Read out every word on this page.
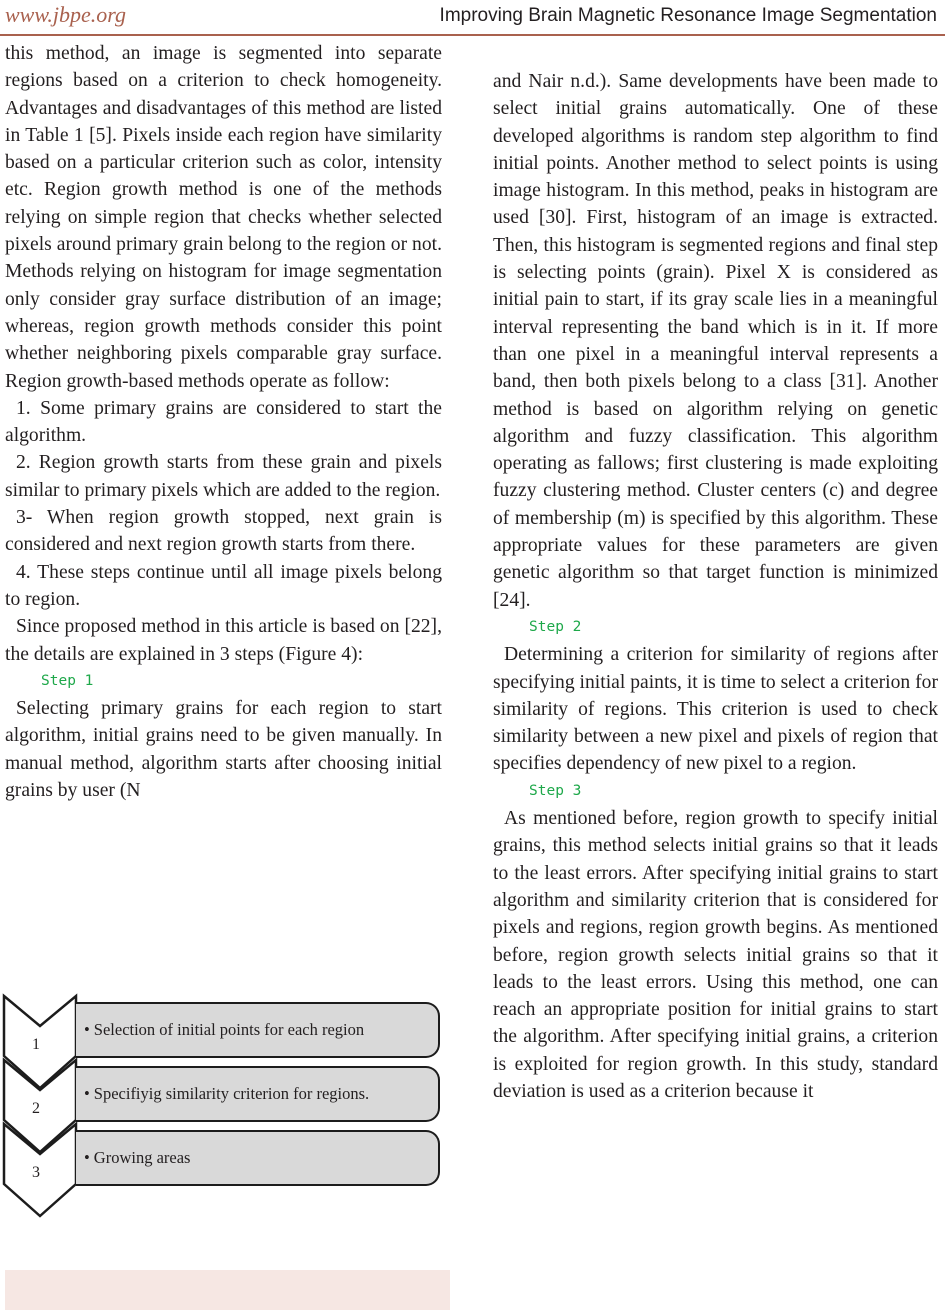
www.jbpe.org	Improving Brain Magnetic Resonance Image Segmentation

this method, an image is segmented into separate regions based on a criterion to check homogeneity. Advantages and disadvantages of this method are listed in Table 1 [5]. Pixels inside each region have similarity based on a particular criterion such as color, intensity etc. Region growth method is one of the methods relying on simple region that checks whether selected pixels around primary grain belong to the region or not. Methods relying on histogram for image segmentation only consider gray surface distribution of an image; whereas, region growth methods consider this point whether neighboring pixels comparable gray surface. Region growth-based methods operate as follow:

1. Some primary grains are considered to start the algorithm.

2. Region growth starts from these grain and pixels similar to primary pixels which are added to the region.

3- When region growth stopped, next grain is considered and next region growth starts from there.

4. These steps continue until all image pixels belong to region.

Since proposed method in this article is based on [22], the details are explained in 3 steps (Figure 4):

Step 1

Selecting primary grains for each region to start algorithm, initial grains need to be given manually. In manual method, algorithm starts after choosing initial grains by user (N

and Nair n.d.). Same developments have been made to select initial grains automatically. One of these developed algorithms is random step algorithm to find initial points. Another method to select points is using image histogram. In this method, peaks in histogram are used [30]. First, histogram of an image is extracted. Then, this histogram is segmented regions and final step is selecting points (grain). Pixel X is considered as initial pain to start, if its gray scale lies in a meaningful interval representing the band which is in it. If more than one pixel in a meaningful interval represents a band, then both pixels belong to a class [31]. Another method is based on algorithm relying on genetic algorithm and fuzzy classification. This algorithm operating as fallows; first clustering is made exploiting fuzzy clustering method. Cluster centers (c) and degree of membership (m) is specified by this algorithm. These appropriate values for these parameters are given genetic algorithm so that target function is minimized [24].

Step 2

Determining a criterion for similarity of regions after specifying initial paints, it is time to select a criterion for similarity of regions. This criterion is used to check similarity between a new pixel and pixels of region that specifies dependency of new pixel to a region.

Step 3

As mentioned before, region growth to specify initial grains, this method selects initial grains so that it leads to the least errors. After specifying initial grains to start algorithm and similarity criterion that is considered for pixels and regions, region growth begins. As mentioned before, region growth selects initial grains so that it leads to the least errors. Using this method, one can reach an appropriate position for initial grains to start the algorithm. After specifying initial grains, a criterion is exploited for region growth. In this study, standard deviation is used as a criterion because it

1
• Selection of initial points for each region
2
• Specifiyig similarity criterion for regions.
3
• Growing areas
